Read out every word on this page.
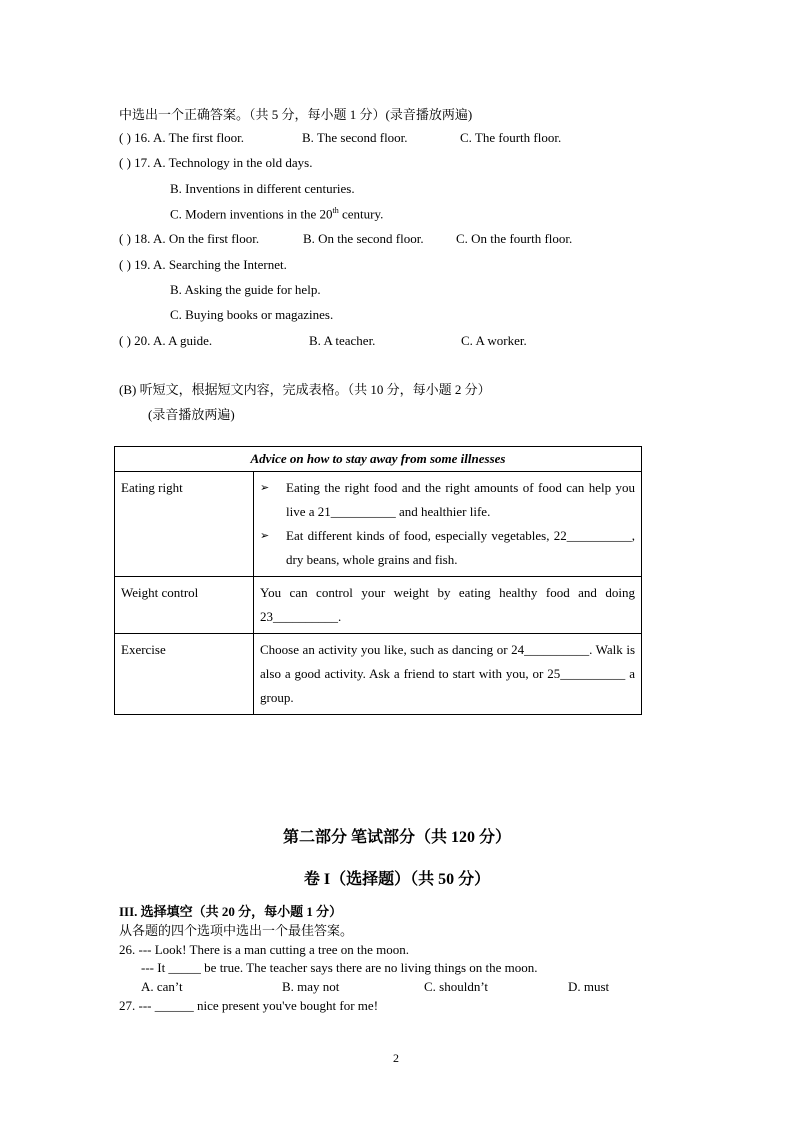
中选出一个正确答案。（共 5 分，每小题 1 分）(录音播放两遍)
( ) 16. A. The first floor.	B. The second floor.	C. The fourth floor.
( ) 17. A. Technology in the old days.
B. Inventions in different centuries.
C. Modern inventions in the 20th century.
( ) 18. A. On the first floor.	B. On the second floor. C. On the fourth floor.
( ) 19. A. Searching the Internet.
B. Asking the guide for help.
C. Buying books or magazines.
( ) 20. A. A guide.	B. A teacher.	C. A worker.
(B) 听短文，根据短文内容，完成表格。（共 10 分，每小题 2 分）
(录音播放两遍)
Advice on how to stay away from some illnesses	
Eating right	➢ Eating the right food and the right amounts of food can help you live a 21__________ and healthier life.
➢ Eat different kinds of food, especially vegetables, 22__________, dry beans, whole grains and fish.

Weight control	You can control your weight by eating healthy food and doing 23__________.
Exercise	Choose an activity you like, such as dancing or 24__________. Walk is also a good activity. Ask a friend to start with you, or 25__________ a group.
第二部分 笔试部分（共 120 分）
卷 I（选择题）（共 50 分）
III. 选择填空（共 20 分，每小题 1 分）
从各题的四个选项中选出一个最佳答案。
26. --- Look! There is a man cutting a tree on the moon.
--- It _____ be true. The teacher says there are no living things on the moon.
A. can’t	B. may not	C. shouldn’t	D. must
27. --- ______ nice present you've bought for me!
2
